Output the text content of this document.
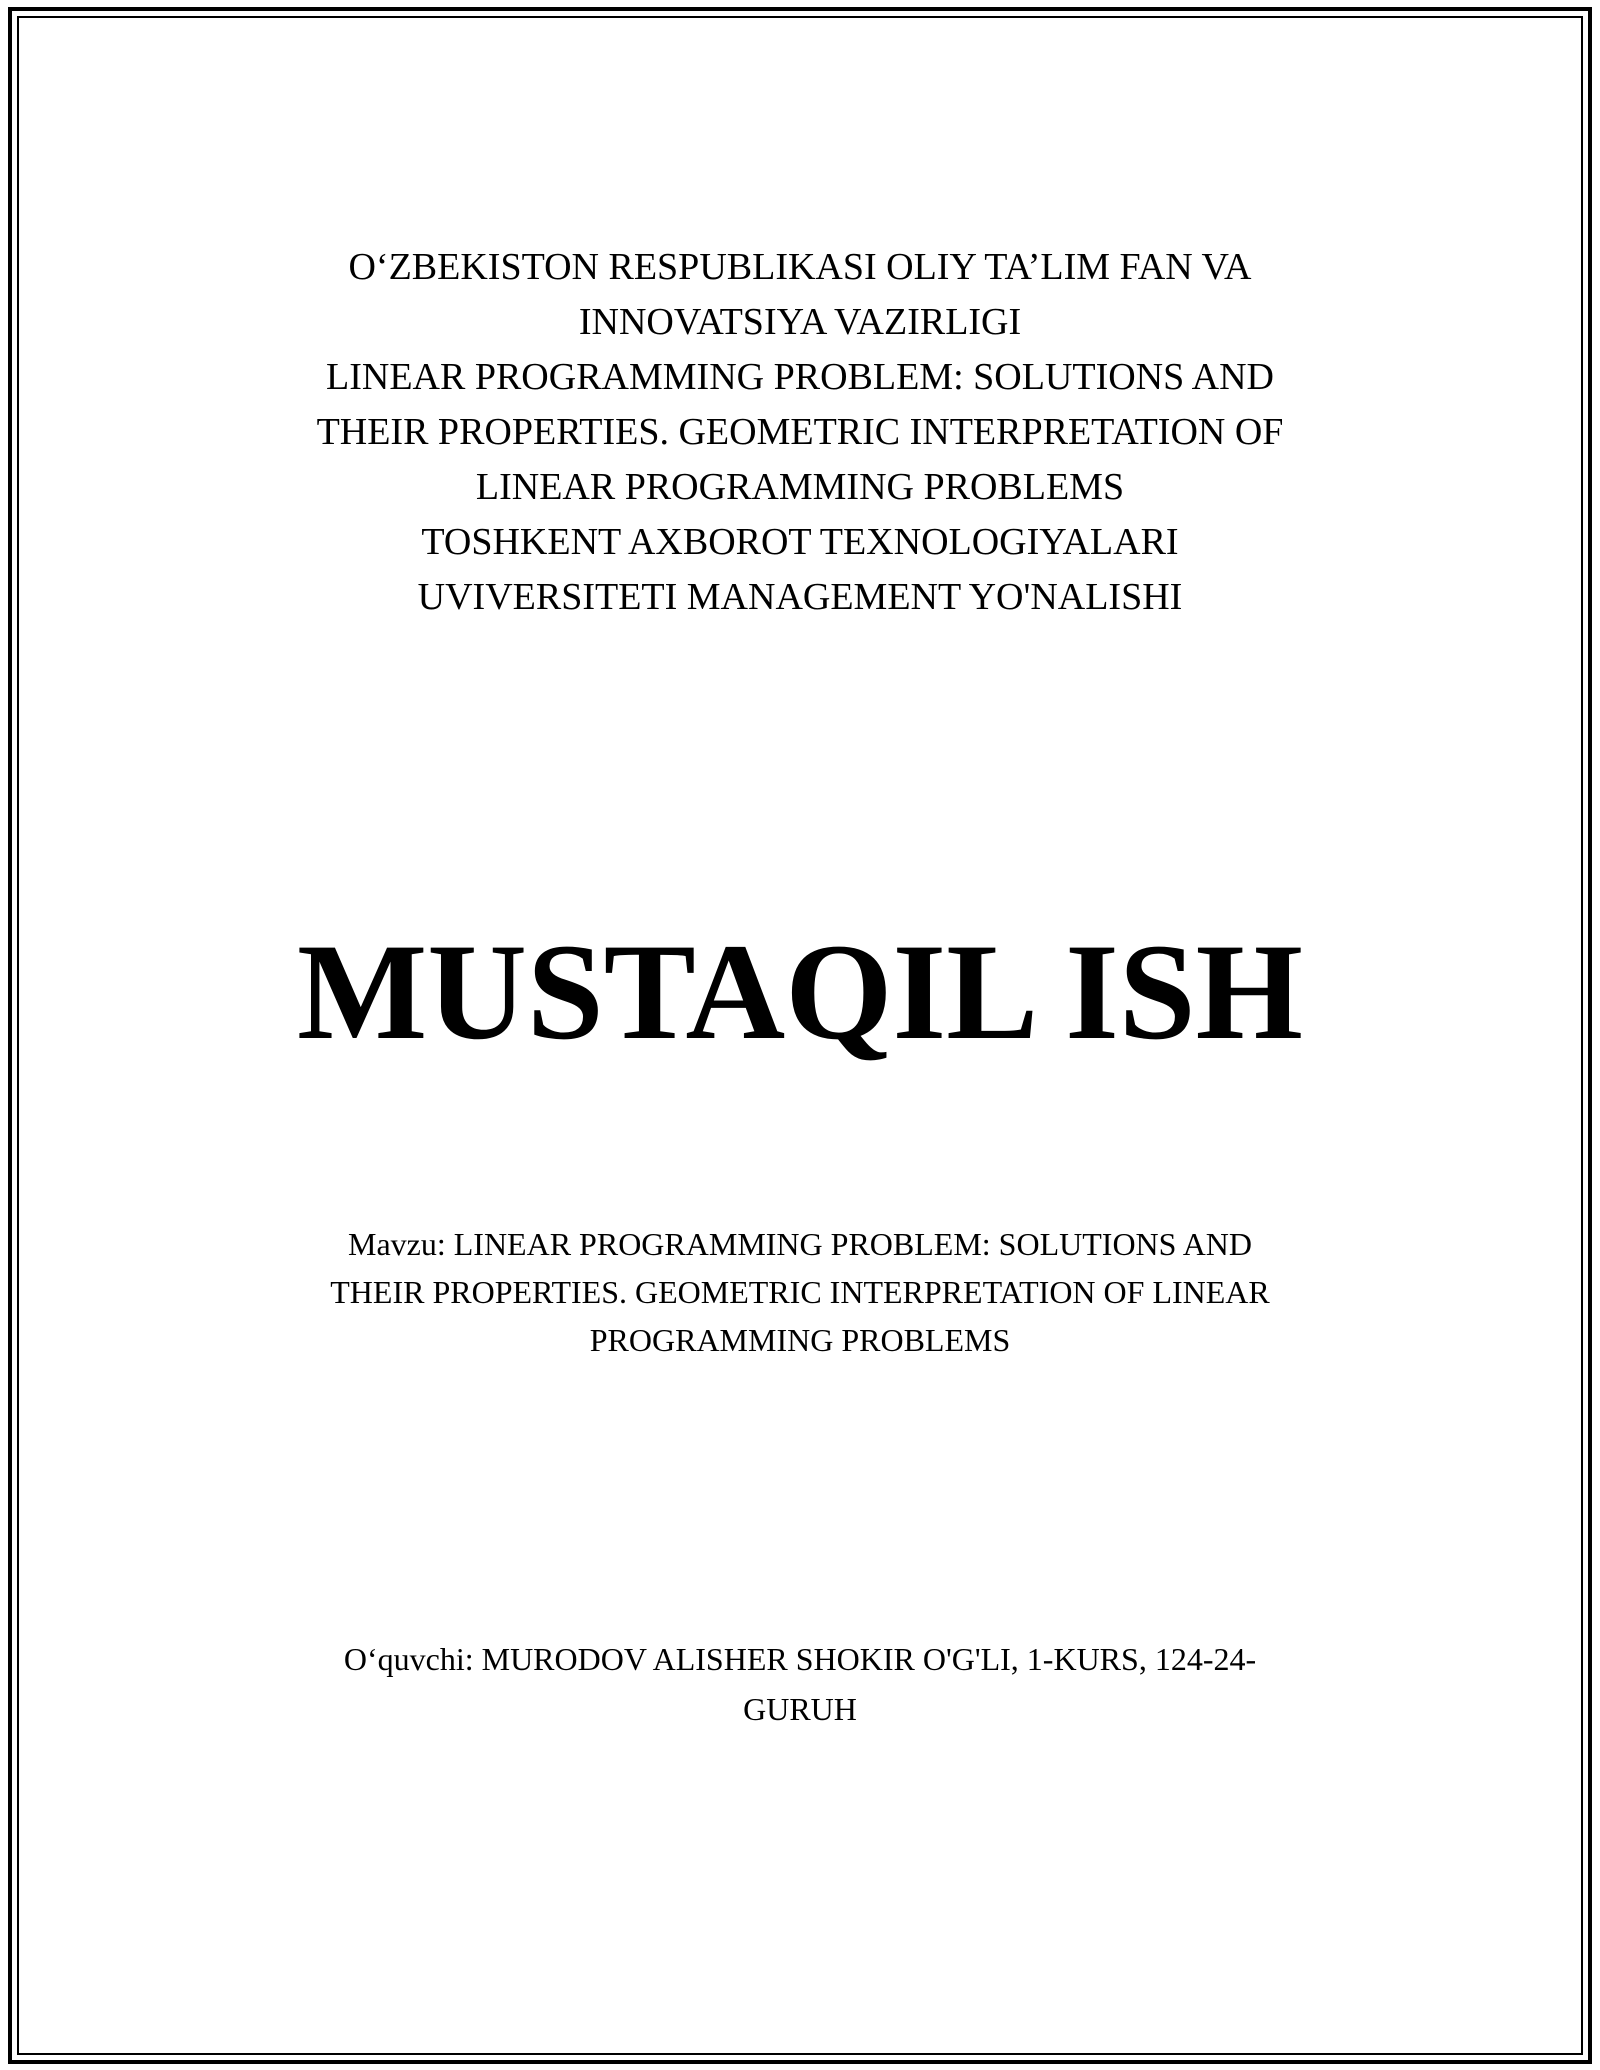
O‘ZBEKISTON RESPUBLIKASI OLIY TA’LIM FAN VA
INNOVATSIYA VAZIRLIGI
LINEAR PROGRAMMING PROBLEM: SOLUTIONS AND
THEIR PROPERTIES. GEOMETRIC INTERPRETATION OF
LINEAR PROGRAMMING PROBLEMS
TOSHKENT AXBOROT TEXNOLOGIYALARI
UVIVERSITETI MANAGEMENT YO'NALISHI
MUSTAQIL ISH
Mavzu: LINEAR PROGRAMMING PROBLEM: SOLUTIONS AND
THEIR PROPERTIES. GEOMETRIC INTERPRETATION OF LINEAR
PROGRAMMING PROBLEMS
O‘quvchi: MURODOV ALISHER SHOKIR O'G'LI, 1-KURS, 124-24-
GURUH
